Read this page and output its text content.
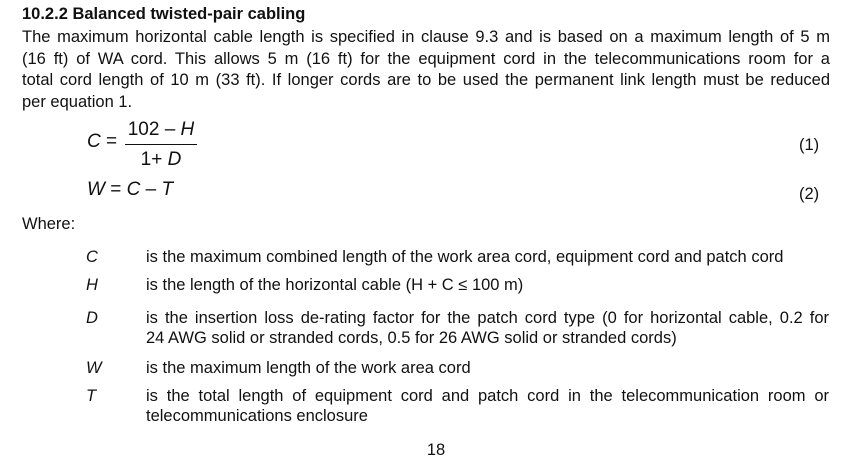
10.2.2 Balanced twisted-pair cabling
The maximum horizontal cable length is specified in clause 9.3 and is based on a maximum length of 5 m
(16 ft) of WA cord. This allows 5 m (16 ft) for the equipment cord in the telecommunications room for a
total cord length of 10 m (33 ft). If longer cords are to be used the permanent link length must be reduced
per equation 1.
C =
102 – H
1+ D
(1)
W = C – T	(2)
Where:
C	is the maximum combined length of the work area cord, equipment cord and patch cord
H	is the length of the horizontal cable (H + C ≤ 100 m)
D	is the insertion loss de-rating factor for the patch cord type (0 for horizontal cable, 0.2 for
24 AWG solid or stranded cords, 0.5 for 26 AWG solid or stranded cords)
W	is the maximum length of the work area cord
T	is the total length of equipment cord and patch cord in the telecommunication room or
telecommunications enclosure
18
